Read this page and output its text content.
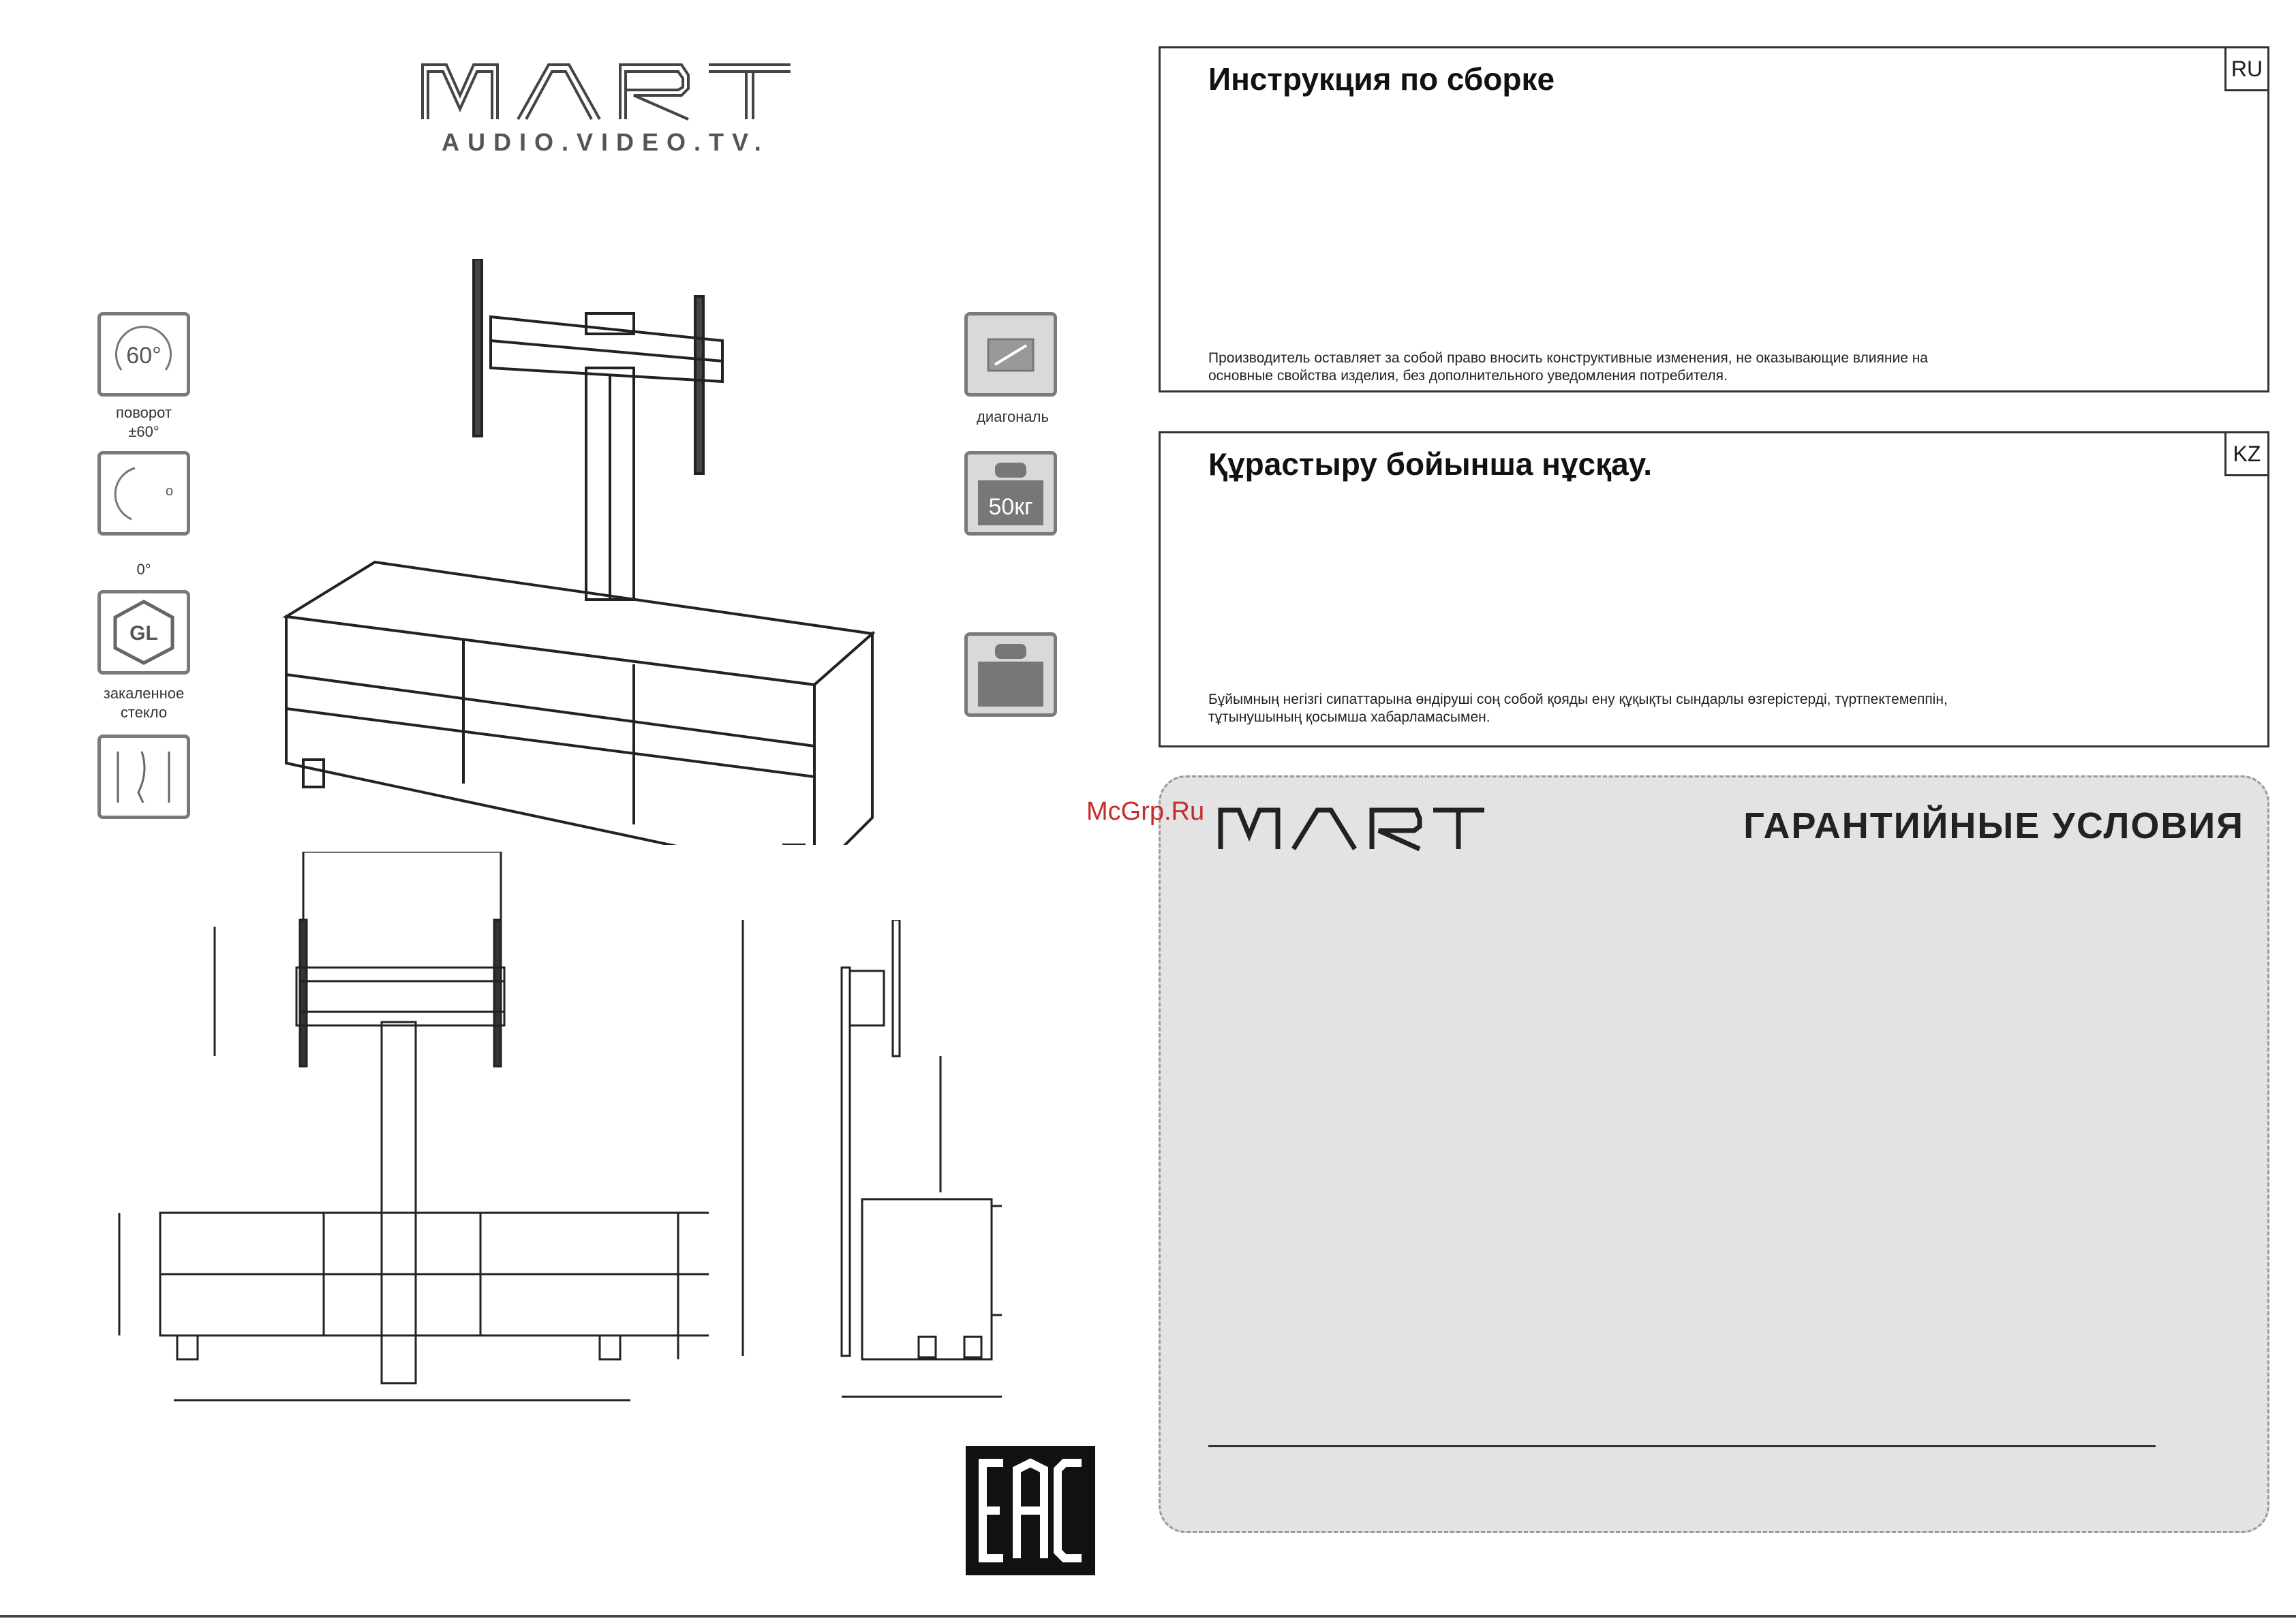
AUDIO.VIDEO.TV.
60°
поворот
±60°
o
0°
GL
закаленное
стекло
диагональ
50кг
Инструкция по сборке	RU
Производитель оставляет за собой право вносить конструктивные изменения, не оказывающие влияние на
основные свойства изделия, без дополнительного уведомления потребителя.
Құрастыру бойынша нұсқау.	KZ
Бұйымның негізгі сипаттарына өндіруші соң собой қояды ену құқықты сындарлы өзгерістерді, түртпектемеппін,
тұтынушының қосымша хабарламасымен.
ГАРАНТИЙНЫЕ УСЛОВИЯ
McGrp.Ru
